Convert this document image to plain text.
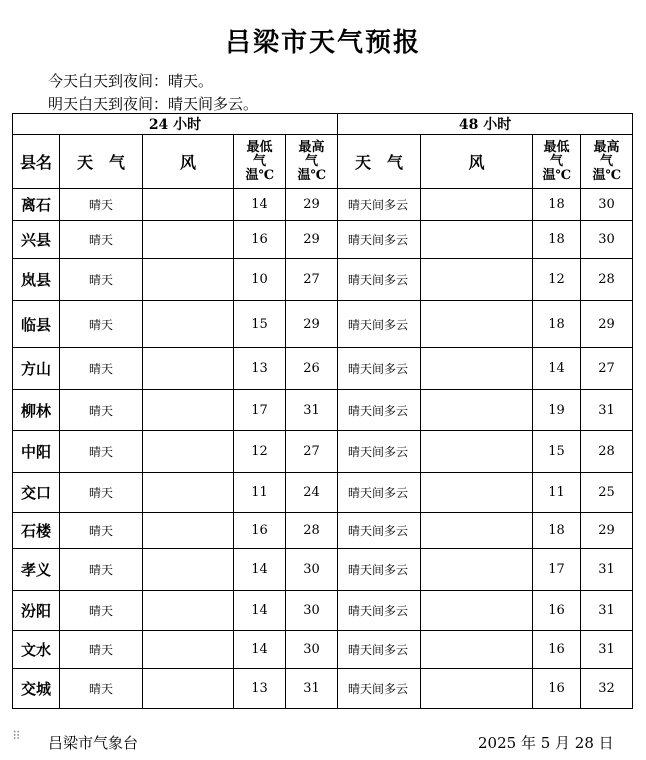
吕梁市天气预报
今天白天到夜间：晴天。
明天白天到夜间：晴天间多云。
24 小时					48 小时			
县名	天　气	风	最低气温℃	最高气温℃	天　气	风	最低气温℃	最高气温℃

离石	晴天		14	29	晴天间多云		18	30
兴县	晴天		16	29	晴天间多云		18	30
岚县	晴天		10	27	晴天间多云		12	28
临县	晴天		15	29	晴天间多云		18	29
方山	晴天		13	26	晴天间多云		14	27
柳林	晴天		17	31	晴天间多云		19	31
中阳	晴天		12	27	晴天间多云		15	28
交口	晴天		11	24	晴天间多云		11	25
石楼	晴天		16	28	晴天间多云		18	29
孝义	晴天		14	30	晴天间多云		17	31
汾阳	晴天		14	30	晴天间多云		16	31
文水	晴天		14	30	晴天间多云		16	31
交城	晴天		13	31	晴天间多云		16	32
⠿ 吕梁市气象台	2025 年 5 月 28 日
